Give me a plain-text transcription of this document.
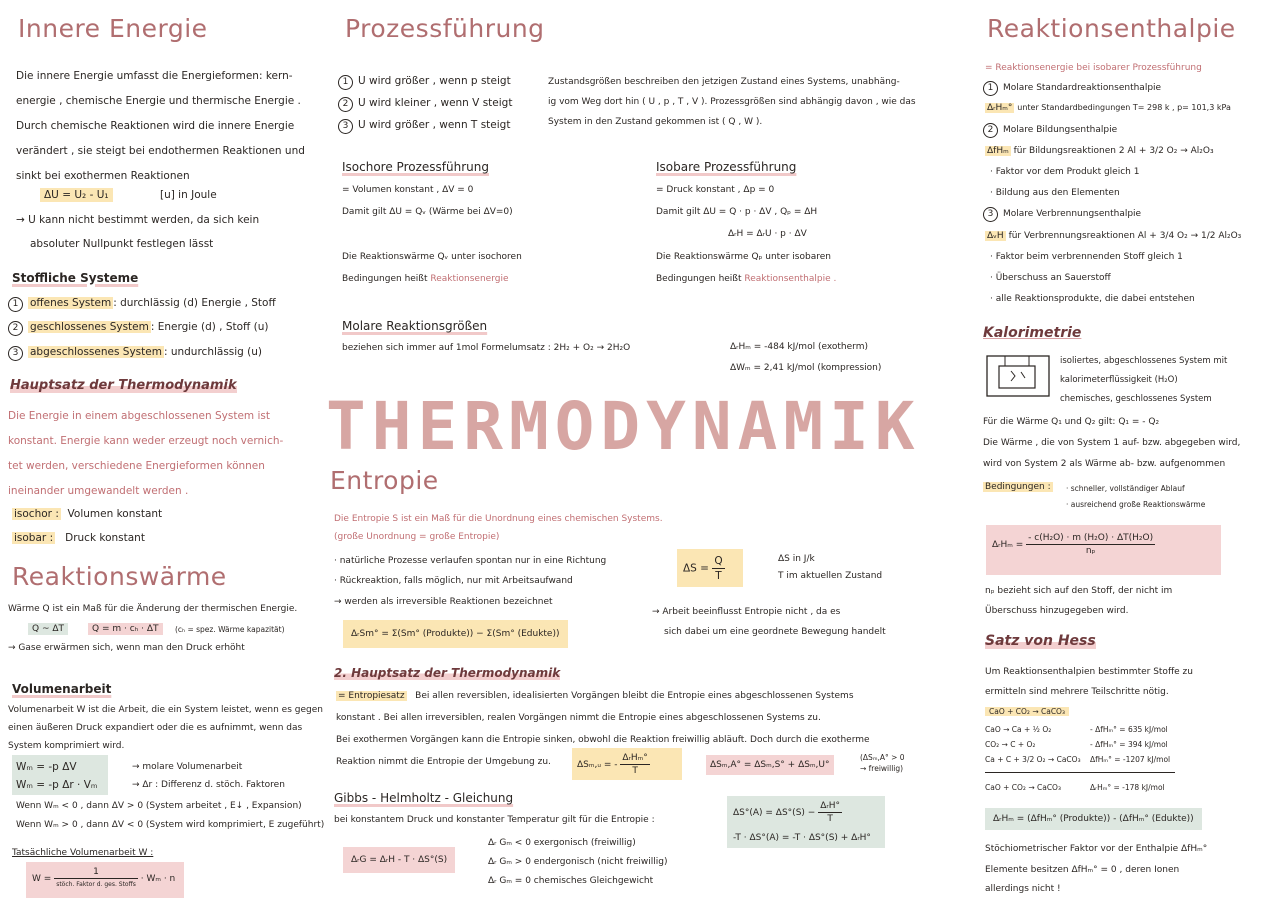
Innere Energie
Die innere Energie umfasst die Energieformen: kern-
energie , chemische Energie und thermische Energie .
Durch chemische Reaktionen wird die innere Energie
verändert , sie steigt bei endothermen Reaktionen und
sinkt bei exothermen Reaktionen
ΔU = U₂ - U₁	[u] in Joule
→ U kann nicht bestimmt werden, da sich kein
absoluter Nullpunkt festlegen lässt
Stoffliche Systeme
1 offenes System : durchlässig (d) Energie , Stoff
2 geschlossenes System : Energie (d) , Stoff (u)
3 abgeschlossenes System : undurchlässig (u)
Hauptsatz der Thermodynamik
Die Energie in einem abgeschlossenen System ist
konstant. Energie kann weder erzeugt noch vernich-
tet werden, verschiedene Energieformen können
ineinander umgewandelt werden .
isochor : Volumen konstant
isobar : Druck konstant
Reaktionswärme
Wärme Q ist ein Maß für die Änderung der thermischen Energie.
Q ~ ΔT	Q = m · cₕ · ΔT	(cₕ = spez. Wärme kapazität)
→ Gase erwärmen sich, wenn man den Druck erhöht
Volumenarbeit
Volumenarbeit W ist die Arbeit, die ein System leistet, wenn es gegen
einen äußeren Druck expandiert oder die es aufnimmt, wenn das
System komprimiert wird.
Wₘ = -p ΔV	→ molare Volumenarbeit
Wₘ = -p Δr · Vₘ	→ Δr : Differenz d. stöch. Faktoren
Wenn Wₘ < 0 , dann ΔV > 0 (System arbeitet , E↓ , Expansion)
Wenn Wₘ > 0 , dann ΔV < 0 (System wird komprimiert, E zugeführt)
Tatsächliche Volumenarbeit W :
$W = \frac{1}{\text{stöch. Faktor d. ges. Stoffs}} \cdot W_m \cdot n$
Prozessführung
1 U wird größer , wenn p steigt
2 U wird kleiner , wenn V steigt
3 U wird größer , wenn T steigt
Zustandsgrößen beschreiben den jetzigen Zustand eines Systems, unabhäng-
ig vom Weg dort hin ( U , p , T , V ). Prozessgrößen sind abhängig davon , wie das
System in den Zustand gekommen ist ( Q , W ).
Isochore Prozessführung
= Volumen konstant , ΔV = 0
Damit gilt ΔU = Qᵥ (Wärme bei ΔV=0)
Die Reaktionswärme Qᵥ unter isochoren
Bedingungen heißt Reaktionsenergie
Isobare Prozessführung
= Druck konstant , Δp = 0
Damit gilt ΔU = Q · p · ΔV , Qₚ = ΔH
ΔᵣH = ΔᵣU · p · ΔV
Die Reaktionswärme Qₚ unter isobaren
Bedingungen heißt Reaktionsenthalpie .
Molare Reaktionsgrößen
beziehen sich immer auf 1mol Formelumsatz : 2H₂ + O₂ → 2H₂O	ΔᵣHₘ = -484 kJ/mol (exotherm)
ΔWₘ = 2,41 kJ/mol (kompression)
THERMODYNAMIK
Entropie
Die Entropie S ist ein Maß für die Unordnung eines chemischen Systems.
(große Unordnung = große Entropie)
· natürliche Prozesse verlaufen spontan nur in eine Richtung
· Rückreaktion, falls möglich, nur mit Arbeitsaufwand
→ werden als irreversible Reaktionen bezeichnet
$\Delta S = \frac{Q}{T}$	ΔS in J/k
T im aktuellen Zustand
→ Arbeit beeinflusst Entropie nicht , da es
sich dabei um eine geordnete Bewegung handelt
ΔᵣSm° = Σ(Sm° (Produkte)) − Σ(Sm° (Edukte))
2. Hauptsatz der Thermodynamik
= Entropiesatz Bei allen reversiblen, idealisierten Vorgängen bleibt die Entropie eines abgeschlossenen Systems
konstant . Bei allen irreversiblen, realen Vorgängen nimmt die Entropie eines abgeschlossenen Systems zu.
Bei exothermen Vorgängen kann die Entropie sinken, obwohl die Reaktion freiwillig abläuft. Doch durch die exotherme
Reaktion nimmt die Entropie der Umgebung zu.	ΔSₘ,ᵤ = - $\frac{\text{ΔᵣHₘ°}}{T}$	ΔSₘ,A° = ΔSₘ,S° + ΔSₘ,U°
(ΔSₘ,A° > 0
→ freiwillig)
Gibbs - Helmholtz - Gleichung
bei konstantem Druck und konstanter Temperatur gilt für die Entropie :
$\Delta S^\circ(A) = \Delta S^\circ(S) - \frac{\text{ΔᵣH°}}{T}$
-T · ΔS°(A) = -T · ΔS°(S) + ΔᵣH°
ΔᵣG = ΔᵣH - T · ΔS°(S)
Δᵣ Gₘ < 0 exergonisch (freiwillig)
Δᵣ Gₘ > 0 endergonisch (nicht freiwillig)
Δᵣ Gₘ = 0 chemisches Gleichgewicht
Reaktionsenthalpie
= Reaktionsenergie bei isobarer Prozessführung
1 Molare Standardreaktionsenthalpie
ΔᵣHₘ° unter Standardbedingungen T= 298 k , p= 101,3 kPa
2 Molare Bildungsenthalpie
ΔfHₘ für Bildungsreaktionen 2 Al + 3/2 O₂ → Al₂O₃
· Faktor vor dem Produkt gleich 1
· Bildung aus den Elementen
3 Molare Verbrennungsenthalpie
ΔᵥH für Verbrennungsreaktionen Al + 3/4 O₂ → 1/2 Al₂O₃
· Faktor beim verbrennenden Stoff gleich 1
· Überschuss an Sauerstoff
· alle Reaktionsprodukte, die dabei entstehen
Kalorimetrie
isoliertes, abgeschlossenes System mit
kalorimeterflüssigkeit (H₂O)
chemisches, geschlossenes System
Für die Wärme Q₁ und Q₂ gilt: Q₁ = - Q₂
Die Wärme , die von System 1 auf- bzw. abgegeben wird,
wird von System 2 als Wärme ab- bzw. aufgenommen
Bedingungen : · schneller, vollständiger Ablauf
· ausreichend große Reaktionswärme
ΔᵣHₘ = $\frac{\text{- c(H₂O) · m (H₂O) · ΔT(H₂O)}}{\text{nₚ}}$
nₚ bezieht sich auf den Stoff, der nicht im
Überschuss hinzugegeben wird.
Satz von Hess
Um Reaktionsenthalpien bestimmter Stoffe zu
ermitteln sind mehrere Teilschritte nötig.
CaO + CO₂ → CaCO₃
CaO → Ca + ½ O₂	- ΔfHₘ° = 635 kJ/mol
CO₂ → C + O₂	- ΔfHₘ° = 394 kJ/mol
Ca + C + 3/2 O₂ → CaCO₃ ΔfHₘ° = -1207 kJ/mol
CaO + CO₂ → CaCO₃	ΔᵣHₘ° = -178 kJ/mol
ΔᵣHₘ = (ΔfHₘ° (Produkte)) - (ΔfHₘ° (Edukte))
Stöchiometrischer Faktor vor der Enthalpie ΔfHₘ°
Elemente besitzen ΔfHₘ° = 0 , deren Ionen
allerdings nicht !
